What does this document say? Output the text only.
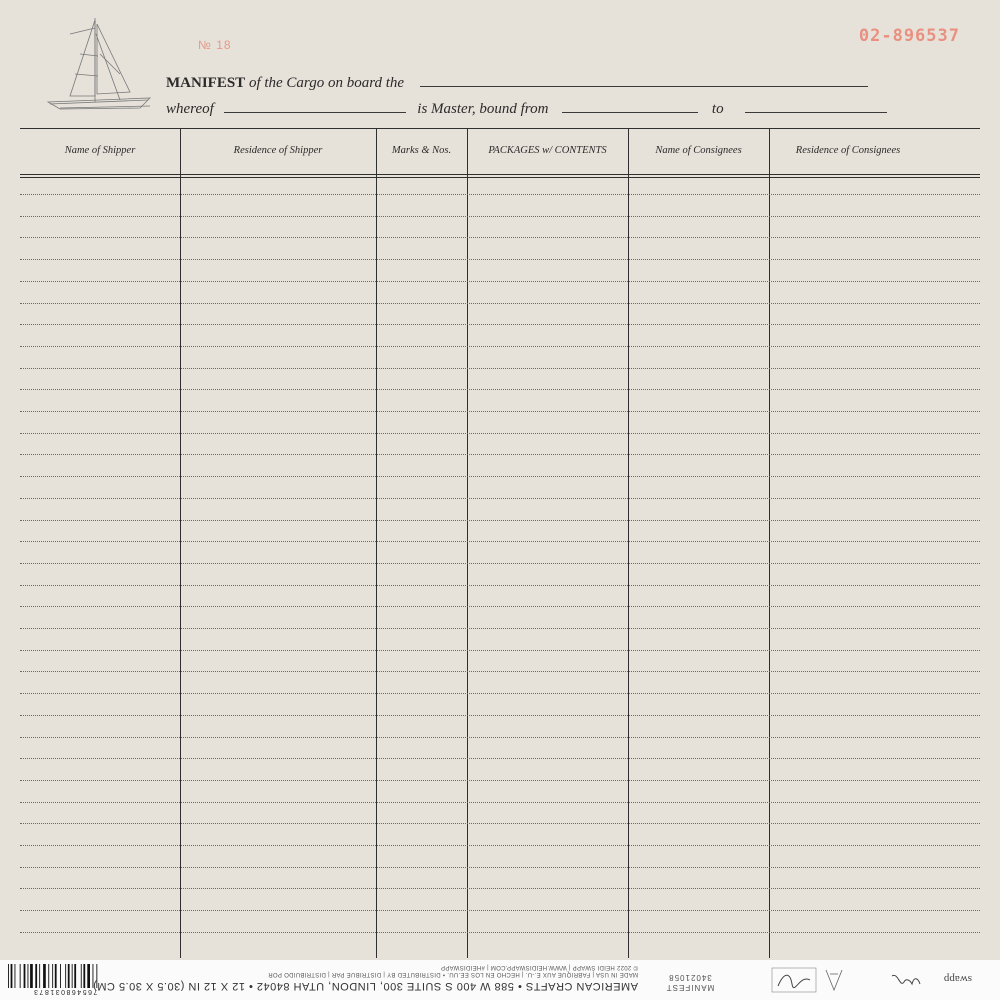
№ 18	02-896537
MANIFEST of the Cargo on board the
whereof	is Master, bound from	to
Name of Shipper	Residence of Shipper	Marks & Nos.	PACKAGES w/ CONTENTS	Name of Consignees	Residence of Consignees
765468031873
© 2022 HEIDI SWAPP | WWW.HEIDISWAPP.COM | #HEIDISWAPP
MADE IN USA | FABRIQUÉ AUX É.-U. | HECHO EN LOS EE.UU. • DISTRIBUTED BY | DISTRIBUÉ PAR | DISTRIBUIDO POR
AMERICAN CRAFTS • 588 W 400 S SUITE 300, LINDON, UTAH 84042 • 12 X 12 IN (30.5 X 30.5 CM)	MANIFEST
34021058	swapp
